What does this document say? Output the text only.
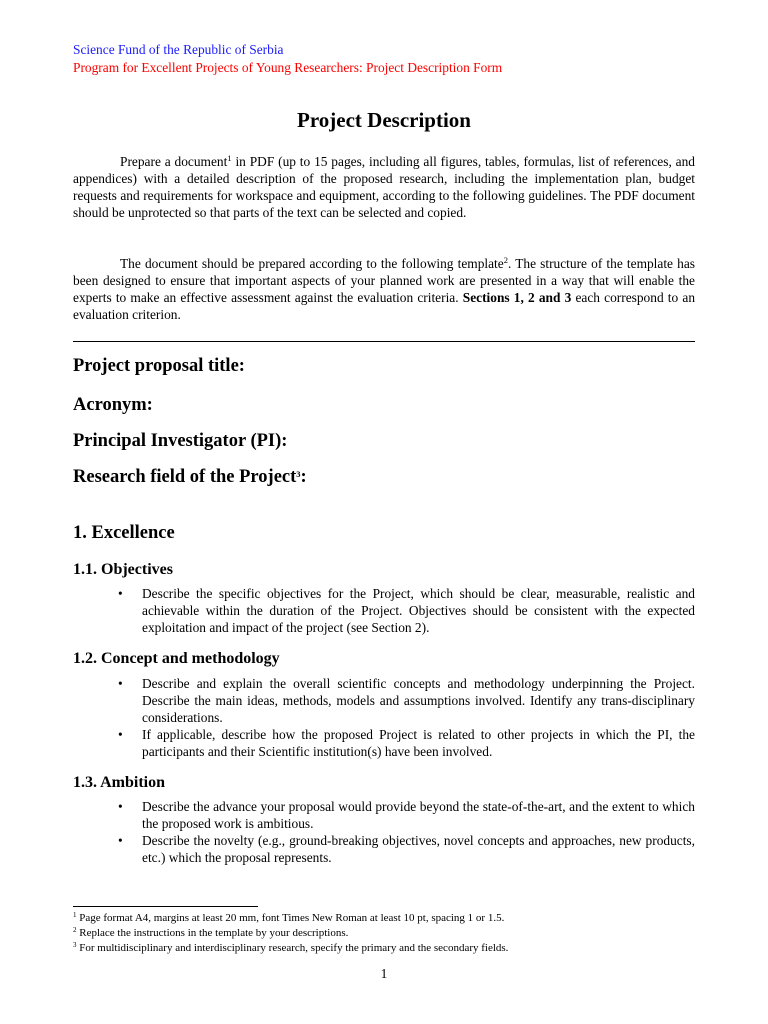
Science Fund of the Republic of Serbia
Program for Excellent Projects of Young Researchers: Project Description Form
Project Description
Prepare a document$^1$ in PDF (up to 15 pages, including all figures, tables, formulas, list of references, and appendices) with a detailed description of the proposed research, including the implementation plan, budget requests and requirements for workspace and equipment, according to the following guidelines. The PDF document should be unprotected so that parts of the text can be selected and copied.
The document should be prepared according to the following template$^2$. The structure of the template has been designed to ensure that important aspects of your planned work are presented in a way that will enable the experts to make an effective assessment against the evaluation criteria. Sections 1, 2 and 3 each correspond to an evaluation criterion.
Project proposal title:
Acronym:
Principal Investigator (PI):
Research field of the Project$^3$:
1. Excellence
1.1. Objectives
• Describe the specific objectives for the Project, which should be clear, measurable, realistic and achievable within the duration of the Project. Objectives should be consistent with the expected exploitation and impact of the project (see Section 2).
1.2. Concept and methodology
• Describe and explain the overall scientific concepts and methodology underpinning the Project. Describe the main ideas, methods, models and assumptions involved. Identify any trans-disciplinary considerations.
• If applicable, describe how the proposed Project is related to other projects in which the PI, the participants and their Scientific institution(s) have been involved.
1.3. Ambition
• Describe the advance your proposal would provide beyond the state-of-the-art, and the extent to which the proposed work is ambitious.
• Describe the novelty (e.g., ground-breaking objectives, novel concepts and approaches, new products, etc.) which the proposal represents.
$^1$ Page format A4, margins at least 20 mm, font Times New Roman at least 10 pt, spacing 1 or 1.5.
$^2$ Replace the instructions in the template by your descriptions.
$^3$ For multidisciplinary and interdisciplinary research, specify the primary and the secondary fields.
1
